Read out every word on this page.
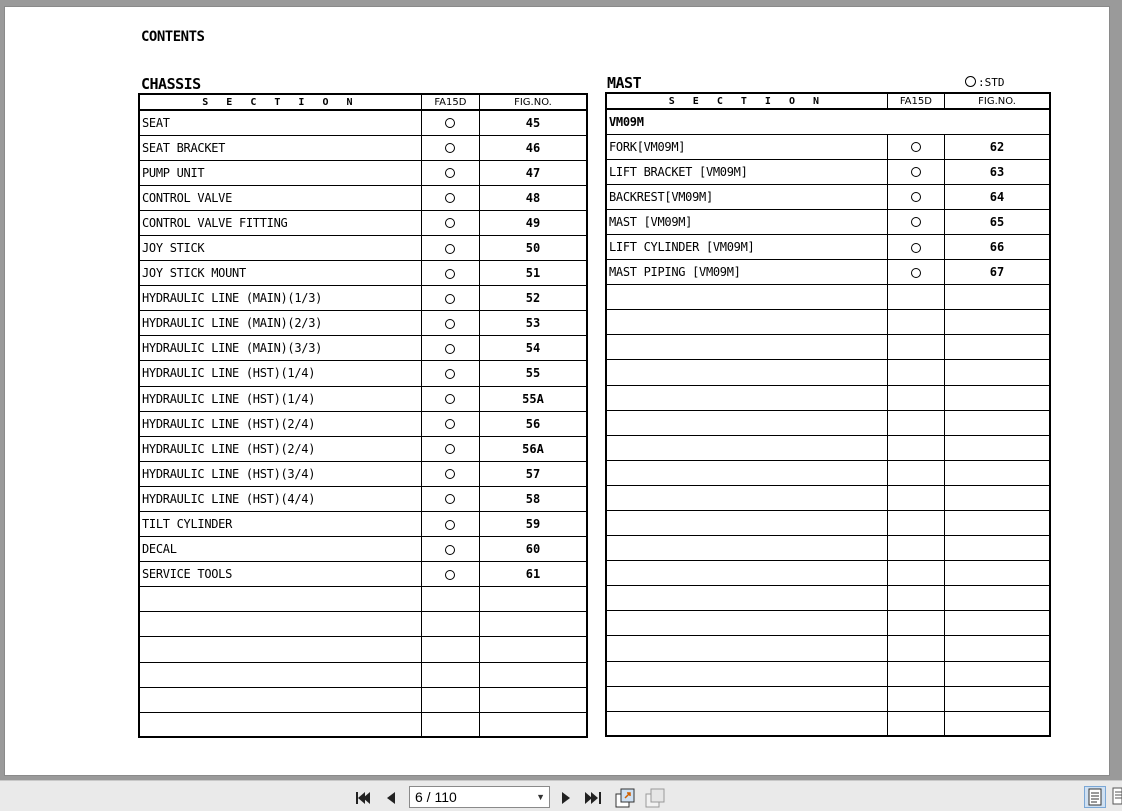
CONTENTS
CHASSIS	MAST	:STD
S E C T I O N	FA15D	FIG.NO.
SEAT		45
SEAT BRACKET		46
PUMP UNIT		47
CONTROL VALVE		48
CONTROL VALVE FITTING		49
JOY STICK		50
JOY STICK MOUNT		51
HYDRAULIC LINE (MAIN)(1/3)		52
HYDRAULIC LINE (MAIN)(2/3)		53
HYDRAULIC LINE (MAIN)(3/3)		54
HYDRAULIC LINE (HST)(1/4)		55
HYDRAULIC LINE (HST)(1/4)		55A
HYDRAULIC LINE (HST)(2/4)		56
HYDRAULIC LINE (HST)(2/4)		56A
HYDRAULIC LINE (HST)(3/4)		57
HYDRAULIC LINE (HST)(4/4)		58
TILT CYLINDER		59
DECAL		60
SERVICE TOOLS		61

S E C T I O N	FA15D	FIG.NO.
VM09M		
FORK[VM09M]		62
LIFT BRACKET [VM09M]		63
BACKREST[VM09M]		64
MAST [VM09M]		65
LIFT CYLINDER [VM09M]		66
MAST PIPING [VM09M]		67

6 / 110	▼
